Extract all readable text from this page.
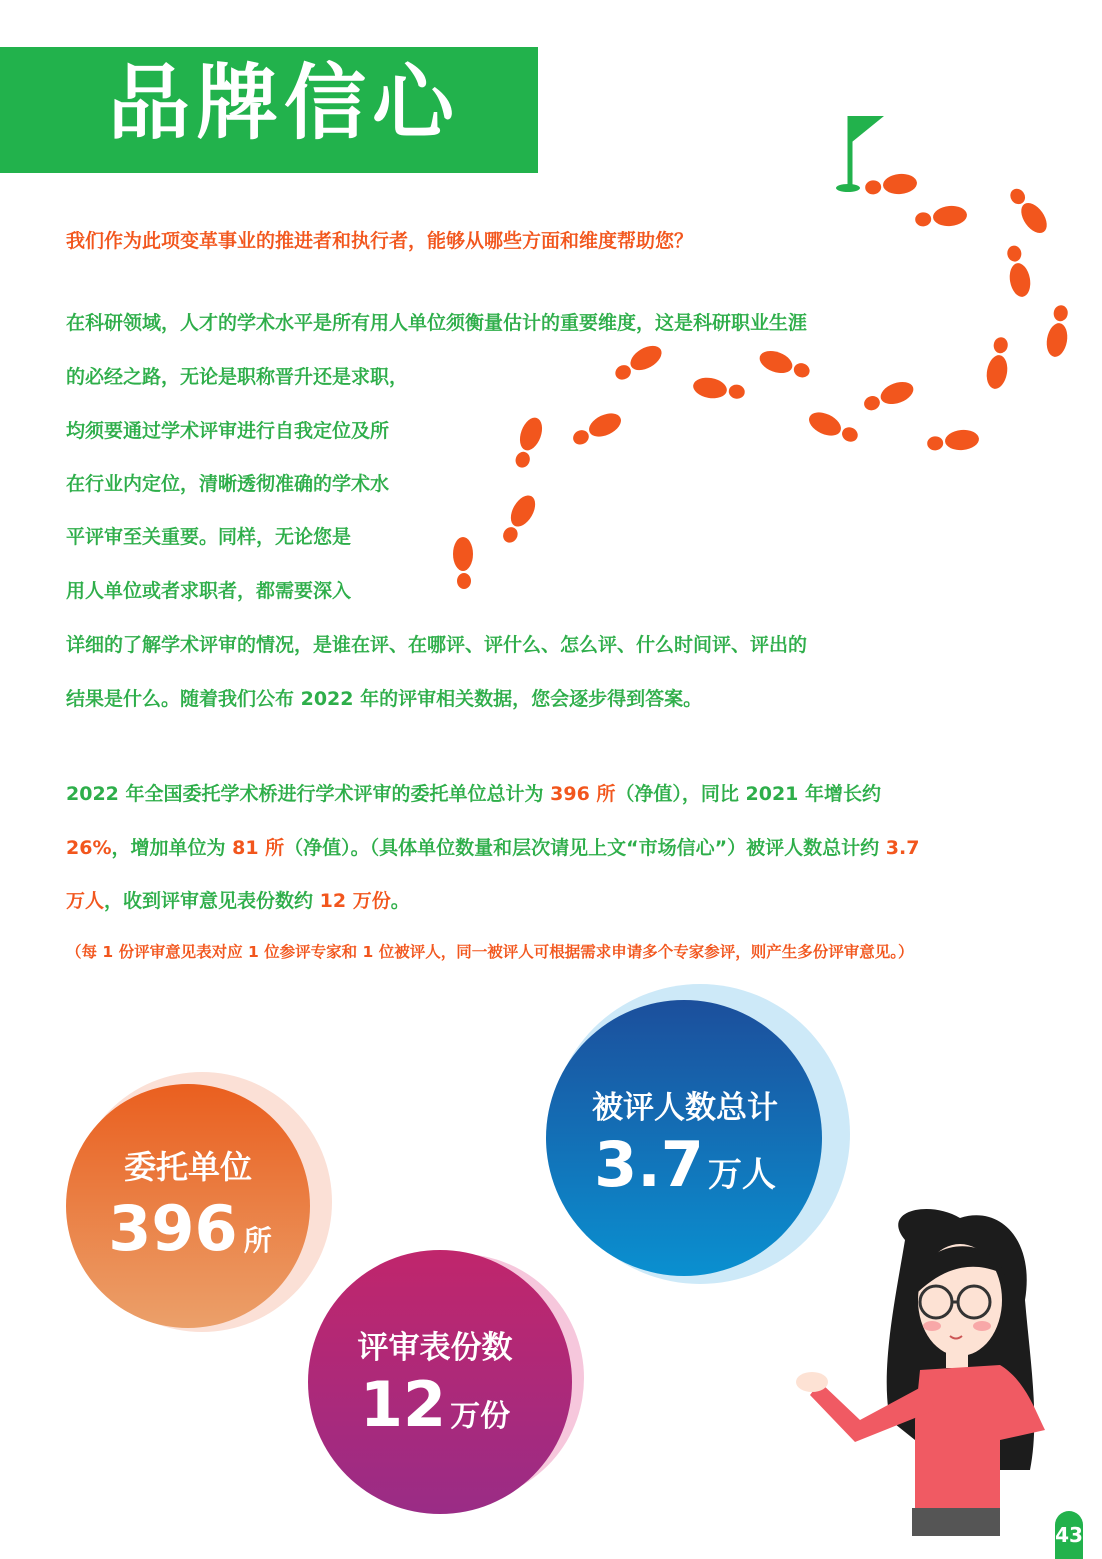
品牌信心
我们作为此项变革事业的推进者和执行者，能够从哪些方面和维度帮助您？
在科研领域，人才的学术水平是所有用人单位须衡量估计的重要维度，这是科研职业生涯
的必经之路，无论是职称晋升还是求职，
均须要通过学术评审进行自我定位及所
在行业内定位，清晰透彻准确的学术水
平评审至关重要。同样，无论您是
用人单位或者求职者，都需要深入
详细的了解学术评审的情况，是谁在评、在哪评、评什么、怎么评、什么时间评、评出的
结果是什么。随着我们公布 2022 年的评审相关数据，您会逐步得到答案。
2022 年全国委托学术桥进行学术评审的委托单位总计为 396 所（净值），同比 2021 年增长约
26%，增加单位为 81 所（净值）。（具体单位数量和层次请见上文“市场信心”）被评人数总计约 3.7
万人，收到评审意见表份数约 12 万份。
（每 1 份评审意见表对应 1 位参评专家和 1 位被评人，同一被评人可根据需求申请多个专家参评，则产生多份评审意见。）
委托单位
396 所
被评人数总计
3.7 万人
评审表份数
12 万份
43
